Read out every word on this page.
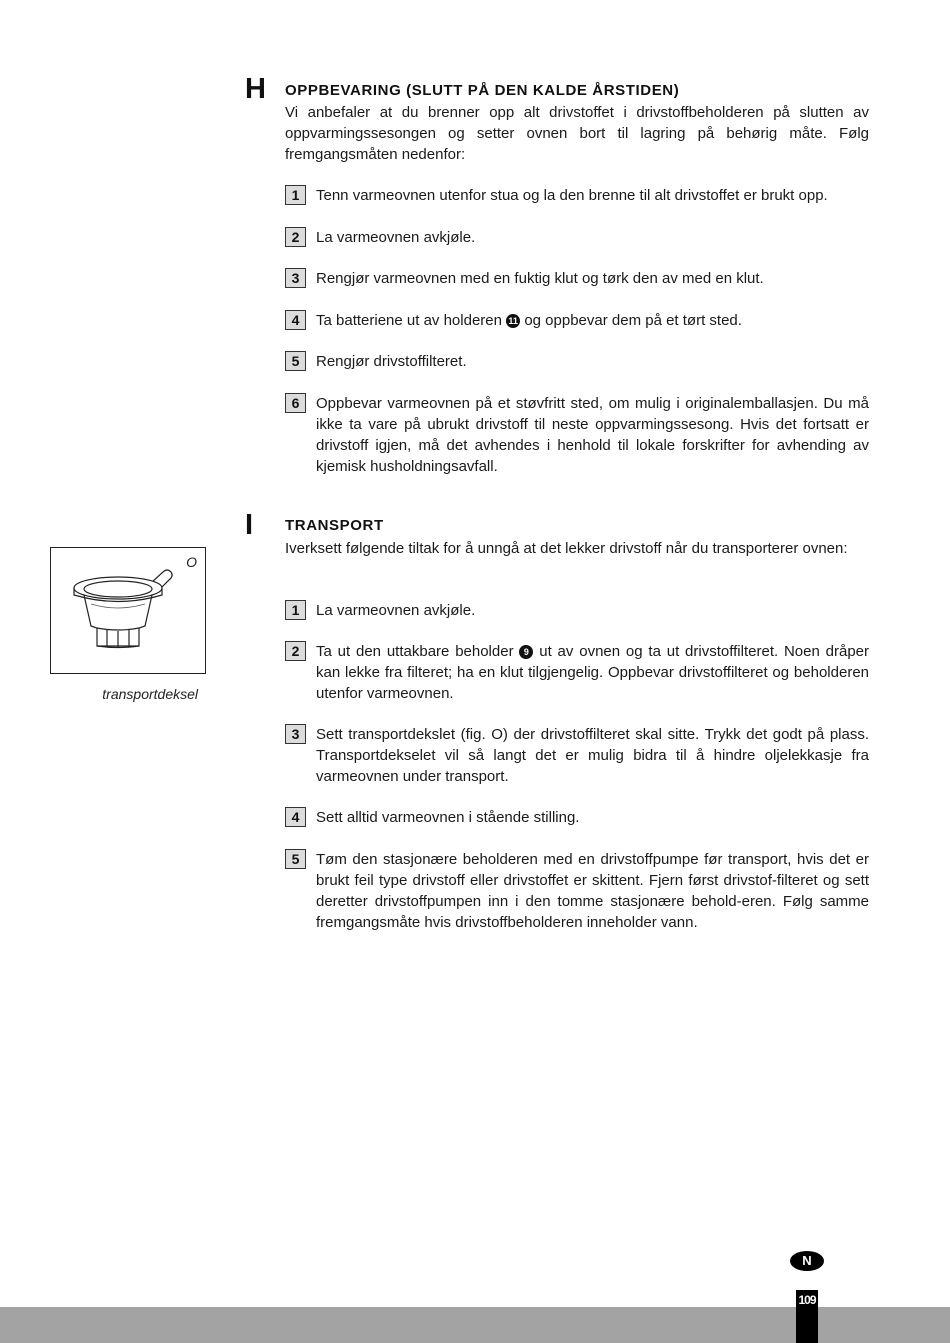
H OPPBEVARING (SLUTT PÅ DEN KALDE ÅRSTIDEN)
Vi anbefaler at du brenner opp alt drivstoffet i drivstoffbeholderen på slutten av oppvarmingssesongen og setter ovnen bort til lagring på behørig måte. Følg fremgangsmåten nedenfor:
1	Tenn varmeovnen utenfor stua og la den brenne til alt drivstoffet er brukt opp.
2	La varmeovnen avkjøle.
3	Rengjør varmeovnen med en fuktig klut og tørk den av med en klut.
4	Ta batteriene ut av holderen 11 og oppbevar dem på et tørt sted.
5	Rengjør drivstoffilteret.
6	Oppbevar varmeovnen på et støvfritt sted, om mulig i originalemballasjen. Du må ikke ta vare på ubrukt drivstoff til neste oppvarmingssesong. Hvis det fortsatt er drivstoff igjen, må det avhendes i henhold til lokale forskrifter for avhending av kjemisk husholdningsavfall.
I TRANSPORT
Iverksett følgende tiltak for å unngå at det lekker drivstoff når du transporterer ovnen:
1	La varmeovnen avkjøle.
2	Ta ut den uttakbare beholder 9 ut av ovnen og ta ut drivstoffilteret. Noen dråper kan lekke fra filteret; ha en klut tilgjengelig. Oppbevar drivstoffilteret og beholderen utenfor varmeovnen.
3	Sett transportdekslet (fig. O) der drivstoffilteret skal sitte. Trykk det godt på plass. Transportdekselet vil så langt det er mulig bidra til å hindre oljelekkasje fra varmeovnen under transport.
4	Sett alltid varmeovnen i stående stilling.
5	Tøm den stasjonære beholderen med en drivstoffpumpe før transport, hvis det er brukt feil type drivstoff eller drivstoffet er skittent. Fjern først drivstof-filteret og sett deretter drivstoffpumpen inn i den tomme stasjonære behold-eren. Følg samme fremgangsmåte hvis drivstoffbeholderen inneholder vann.
O
transportdeksel
N
109
